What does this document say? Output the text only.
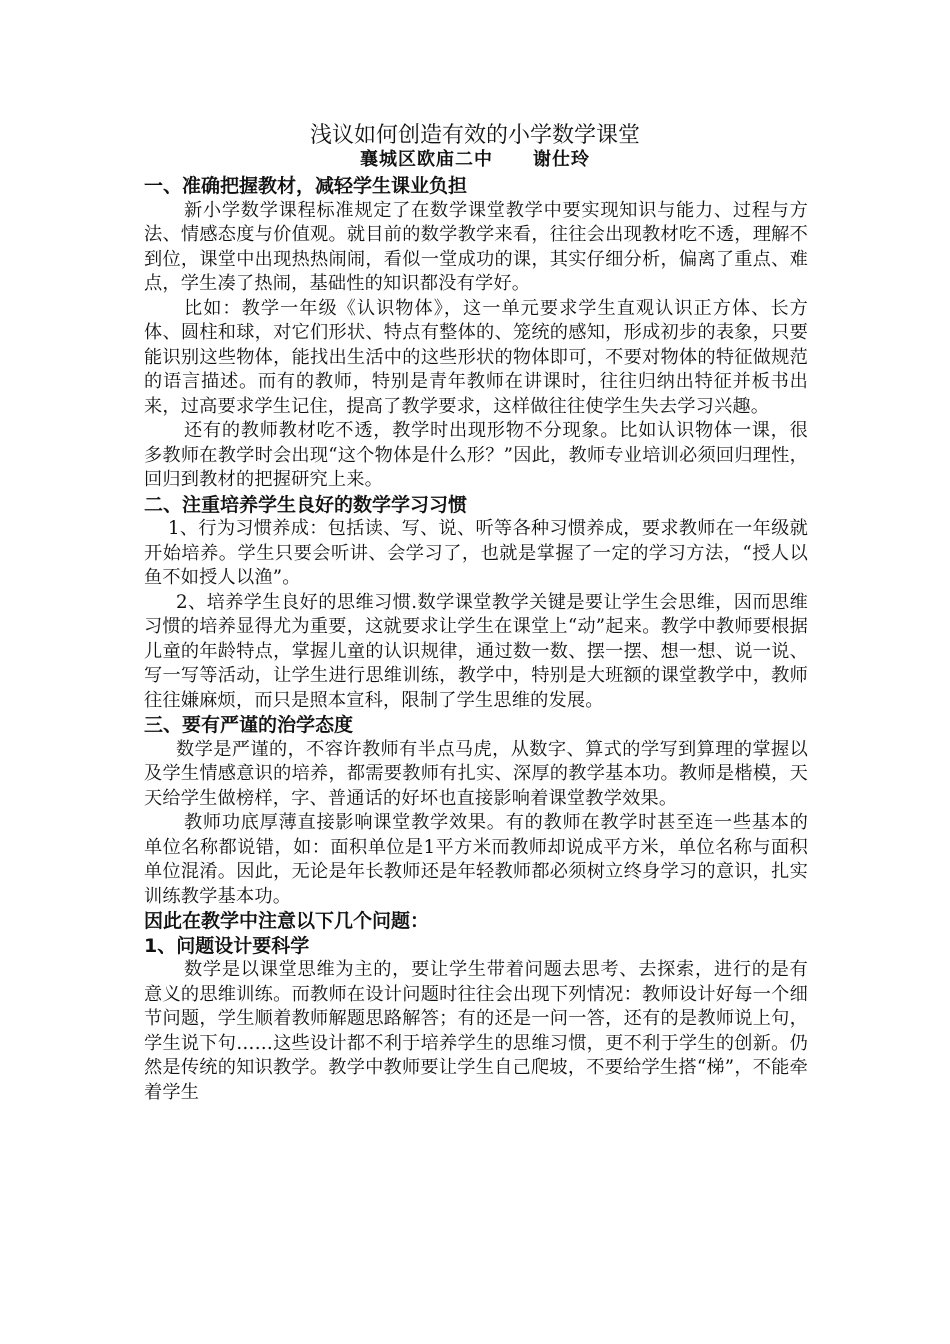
浅议如何创造有效的小学数学课堂
襄城区欧庙二中 谢仕玲

一、准确把握教材，减轻学生课业负担

新小学数学课程标准规定了在数学课堂教学中要实现知识与能力、过程与方法、情感态度与价值观。就目前的数学教学来看，往往会出现教材吃不透，理解不到位，课堂中出现热热闹闹，看似一堂成功的课，其实仔细分析，偏离了重点、难点，学生凑了热闹，基础性的知识都没有学好。

比如：教学一年级《认识物体》，这一单元要求学生直观认识正方体、长方体、圆柱和球，对它们形状、特点有整体的、笼统的感知，形成初步的表象，只要能识别这些物体，能找出生活中的这些形状的物体即可，不要对物体的特征做规范的语言描述。而有的教师，特别是青年教师在讲课时，往往归纳出特征并板书出来，过高要求学生记住，提高了教学要求，这样做往往使学生失去学习兴趣。

还有的教师教材吃不透，教学时出现形物不分现象。比如认识物体一课，很多教师在教学时会出现“这个物体是什么形？”因此，教师专业培训必须回归理性，回归到教材的把握研究上来。

二、注重培养学生良好的数学学习习惯

1、行为习惯养成：包括读、写、说、听等各种习惯养成，要求教师在一年级就开始培养。学生只要会听讲、会学习了，也就是掌握了一定的学习方法，“授人以鱼不如授人以渔”。

2、培养学生良好的思维习惯.数学课堂教学关键是要让学生会思维，因而思维习惯的培养显得尤为重要，这就要求让学生在课堂上“动”起来。教学中教师要根据儿童的年龄特点，掌握儿童的认识规律，通过数一数、摆一摆、想一想、说一说、写一写等活动，让学生进行思维训练，教学中，特别是大班额的课堂教学中，教师往往嫌麻烦，而只是照本宣科，限制了学生思维的发展。

三、要有严谨的治学态度

数学是严谨的，不容许教师有半点马虎，从数字、算式的学写到算理的掌握以及学生情感意识的培养，都需要教师有扎实、深厚的教学基本功。教师是楷模，天天给学生做榜样，字、普通话的好坏也直接影响着课堂教学效果。

教师功底厚薄直接影响课堂教学效果。有的教师在教学时甚至连一些基本的单位名称都说错，如：面积单位是1平方米而教师却说成平方米，单位名称与面积单位混淆。因此，无论是年长教师还是年轻教师都必须树立终身学习的意识，扎实训练教学基本功。

因此在教学中注意以下几个问题：

1、问题设计要科学

数学是以课堂思维为主的，要让学生带着问题去思考、去探索，进行的是有意义的思维训练。而教师在设计问题时往往会出现下列情况：教师设计好每一个细节问题，学生顺着教师解题思路解答；有的还是一问一答，还有的是教师说上句，学生说下句……这些设计都不利于培养学生的思维习惯，更不利于学生的创新。仍然是传统的知识教学。教学中教师要让学生自己爬坡，不要给学生搭“梯”，不能牵着学生
